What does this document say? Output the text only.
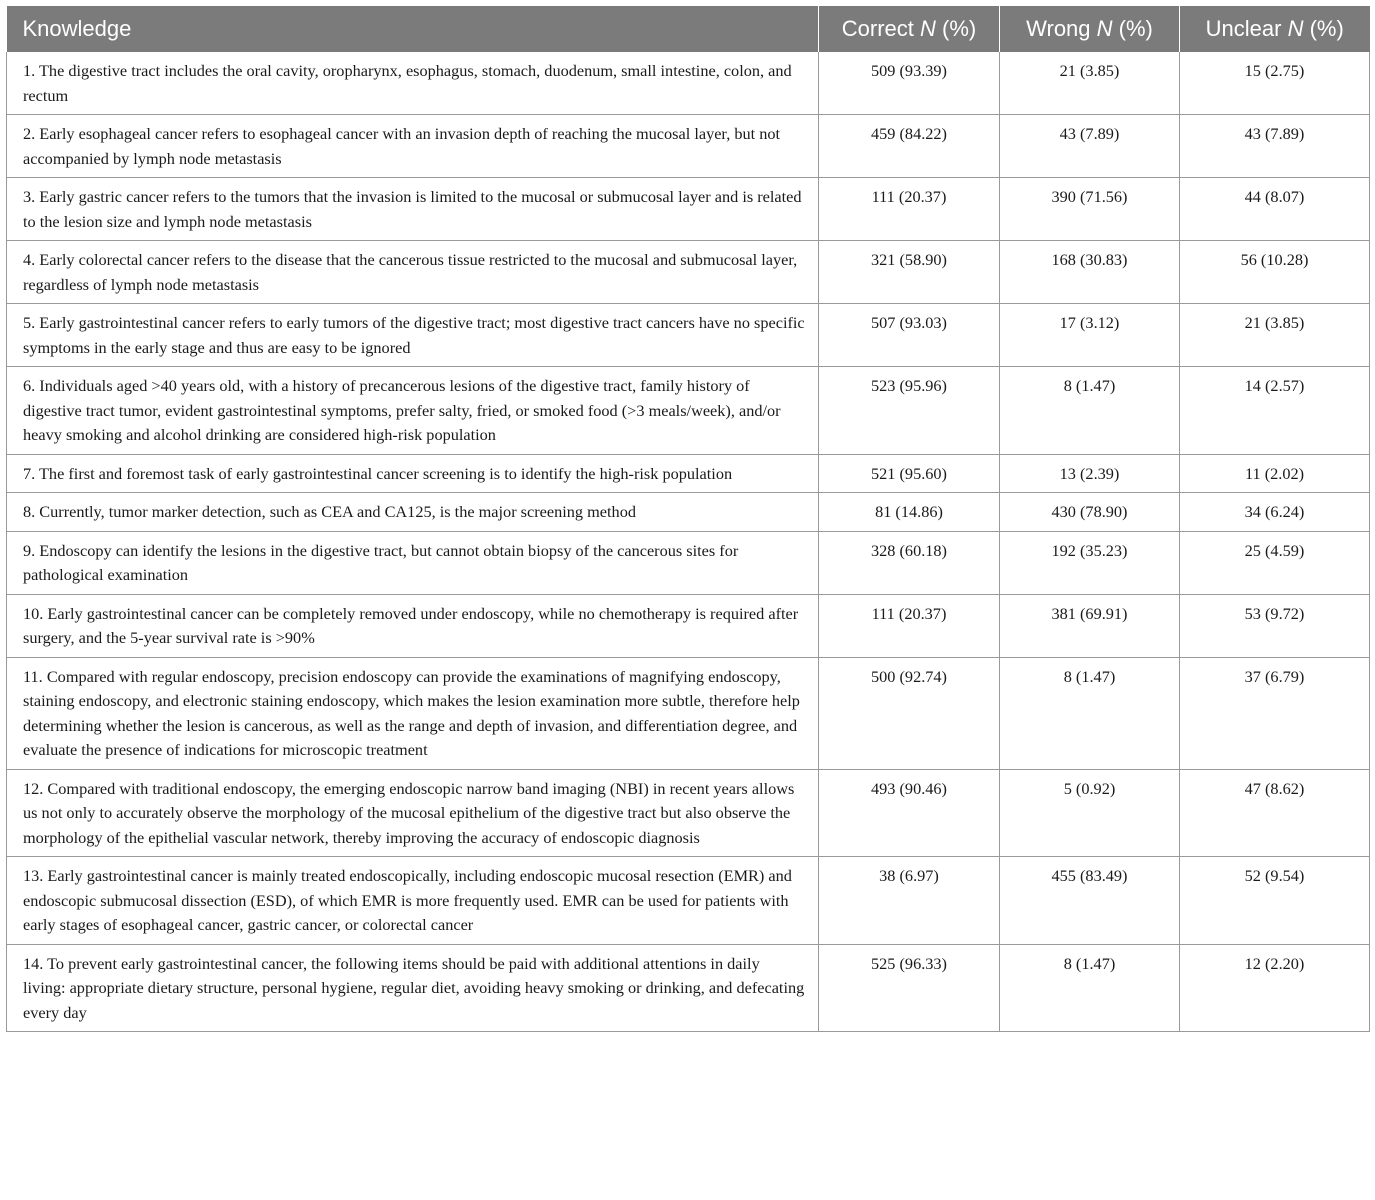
Knowledge	Correct N (%)	Wrong N (%)	Unclear N (%)
1. The digestive tract includes the oral cavity, oropharynx, esophagus, stomach, duodenum, small intestine, colon, and rectum	509 (93.39)	21 (3.85)	15 (2.75)
2. Early esophageal cancer refers to esophageal cancer with an invasion depth of reaching the mucosal layer, but not accompanied by lymph node metastasis	459 (84.22)	43 (7.89)	43 (7.89)
3. Early gastric cancer refers to the tumors that the invasion is limited to the mucosal or submucosal layer and is related to the lesion size and lymph node metastasis	111 (20.37)	390 (71.56)	44 (8.07)
4. Early colorectal cancer refers to the disease that the cancerous tissue restricted to the mucosal and submucosal layer, regardless of lymph node metastasis	321 (58.90)	168 (30.83)	56 (10.28)
5. Early gastrointestinal cancer refers to early tumors of the digestive tract; most digestive tract cancers have no specific symptoms in the early stage and thus are easy to be ignored	507 (93.03)	17 (3.12)	21 (3.85)
6. Individuals aged >40 years old, with a history of precancerous lesions of the digestive tract, family history of digestive tract tumor, evident gastrointestinal symptoms, prefer salty, fried, or smoked food (>3 meals/week), and/or heavy smoking and alcohol drinking are considered high-risk population	523 (95.96)	8 (1.47)	14 (2.57)
7. The first and foremost task of early gastrointestinal cancer screening is to identify the high-risk population	521 (95.60)	13 (2.39)	11 (2.02)
8. Currently, tumor marker detection, such as CEA and CA125, is the major screening method	81 (14.86)	430 (78.90)	34 (6.24)
9. Endoscopy can identify the lesions in the digestive tract, but cannot obtain biopsy of the cancerous sites for pathological examination	328 (60.18)	192 (35.23)	25 (4.59)
10. Early gastrointestinal cancer can be completely removed under endoscopy, while no chemotherapy is required after surgery, and the 5-year survival rate is >90%	111 (20.37)	381 (69.91)	53 (9.72)
11. Compared with regular endoscopy, precision endoscopy can provide the examinations of magnifying endoscopy, staining endoscopy, and electronic staining endoscopy, which makes the lesion examination more subtle, therefore help determining whether the lesion is cancerous, as well as the range and depth of invasion, and differentiation degree, and evaluate the presence of indications for microscopic treatment	500 (92.74)	8 (1.47)	37 (6.79)
12. Compared with traditional endoscopy, the emerging endoscopic narrow band imaging (NBI) in recent years allows us not only to accurately observe the morphology of the mucosal epithelium of the digestive tract but also observe the morphology of the epithelial vascular network, thereby improving the accuracy of endoscopic diagnosis	493 (90.46)	5 (0.92)	47 (8.62)
13. Early gastrointestinal cancer is mainly treated endoscopically, including endoscopic mucosal resection (EMR) and endoscopic submucosal dissection (ESD), of which EMR is more frequently used. EMR can be used for patients with early stages of esophageal cancer, gastric cancer, or colorectal cancer	38 (6.97)	455 (83.49)	52 (9.54)
14. To prevent early gastrointestinal cancer, the following items should be paid with additional attentions in daily living: appropriate dietary structure, personal hygiene, regular diet, avoiding heavy smoking or drinking, and defecating every day	525 (96.33)	8 (1.47)	12 (2.20)
